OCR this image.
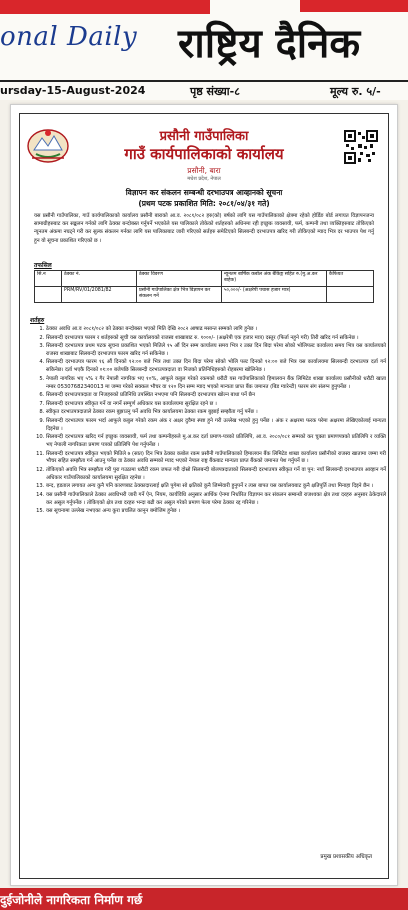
onal Daily राष्ट्रिय दैनिक
ursday-15-August-2024	पृष्ठ संख्या-८	मूल्य रु. ५/-
प्रसौनी गाउँपालिका
गाउँ कार्यपालिकाको कार्यालय
प्रसौनी, बारा
मधेश प्रदेश, नेपाल
विज्ञापन कर संकलन सम्बन्धी दरभाउपत्र आव्हानको सूचना
(प्रथम पटक प्रकाशित मिति: २०८१/०४/३१ गते)

यस प्रसौनी गाउँपालिका, गाउँ कार्यपालिकाको कार्यालय प्रसौनी बाराको आ.व. २०८१/०८२ हरु(को) बर्षको लागि यस गाउँपालिकाको क्षेत्रमा रहेको होर्डिङ बोर्ड लगायत विज्ञापनजन्य सामाग्रीहरुबाट कर सङ्कलन गर्नको लागि ठेक्का बन्दोबस्त गर्नुपर्ने भएकोले यस पालिकाले तोकेको शर्तहरुको अधिनमा रही इच्छुक व्यवसायी, फर्म, कम्पनी तथा व्यक्तिहरुबाट तोकिएको न्यूनतम अंकमा नघट्ने गरी कर सुल्क संकलन गर्नका लागि यस पालिकाबाट जारी गरिएको सर्तहरु समेटिएको सिलबन्दी दरभाउपत्र खरिद गरी तोकिएको म्याद भित्र दर भाउपत्र पेश गर्नु हुन यो सूचना प्रकाशित गरिएको छ ।

तफसिल
सि.न	ठेक्का नं.	ठेक्का विवरण	न्युनतम बार्षिक कबोल अंक बैकिङ्ग सहित रु.(मु.अ.कर बाहेक)	कैफियत
	PRM/RV/01/2081/82	प्रसौनी गाउँपालिका क्षेत्र भित्र विज्ञापन कर संकलन गर्ने	५०,०००/- (अक्षरेपी पचास हजार मात्र)	
शर्तहरु
1. ठेक्का अवधि आ.व २०८१/०८२ को ठेक्का बन्दोबस्त भएको मिति देखि २०८२ आषाढ मसान्त सम्मको लागि हुनेछ ।
2. सिलबन्दी दरभाउपत्र फारम र शर्तहरुको सूची यस कार्यालयको राजस्व शाखाबाट रु. १०००/- (अक्षरेपी एक हजार मात्र) दस्तुर (फिर्ता नहुने गरी) तिरी खरिद गर्न सकिनेछ ।
3. सिलबन्दी दरभाउपत्र प्रथम पटक सूचना प्रकाशित भएको मितिले १५ औं दिन सम्म कार्यालय समय भित्र र उक्त दिन बिदा परेमा सोको भोलिपल्ट कार्यालय समय भित्र यस कार्यालयको राजस्व शाखाबाट सिलबन्दी दरभाउपत्र फारम खरिद गर्न सकिनेछ ।
4. सिलबन्दी दरभाउपत्र फारम १६ औं दिनको १२:०० बजे भित्र तथा उक्त दिन बिदा परेमा सोको भोलि पल्ट दिनको १२:०० बजे भित्र यस कार्यालयमा सिलबन्दी दरभाउपत्र दर्ता गर्न सकिनेछ। दर्ता भएकै दिनको ०१:०० बजेपछि सिलबन्दी दरभाउपत्रदाता वा निजको प्रतिनिधिहरुको रोहबरमा खोलिनेछ ।
5. नेपाली नागरिक भए ५% र गैर नेपाली नागरिक भए १०%, आफूले कबुल गरेको रकमको धरौटी यस गाउँपालिकाको हिमालयन बैंक लिमिटेड शाखा कार्यालय प्रसौनीको धरौटी खाता नम्बर 05307682340013 मा जम्मा गरेको सक्कल भौचर वा १२० दिन सम्म म्याद भएको मान्यता प्राप्त बैंक जमानत (बिड ग्यारेन्टी) फारम संग संलग्न हुनुपर्नेछ ।
6. सिलबन्दी दरभाउपत्रदाता वा निजहरुको प्रतिनिधि उपस्थित नभएमा पनि सिलबन्दी दरभाउपत्र खोल्न बाधा पर्ने छैन
7. सिलबन्दी दरभाउपत्र स्वीकृत गर्ने वा नगर्ने सम्पूर्ण अधिकार यस कार्यालयमा सुरक्षित रहने छ ।
8. स्वीकृत दरभाउपत्रदाताले ठेक्का रकम बुझाउनु पर्ने अवधि भित्र कार्यालयमा ठेक्का रकम बुझाई सम्झौता गर्नु पर्नेछ ।
9. सिलबन्दी दरभाउपत्र फारम भर्दा आफूले कबुल गरेको रकम अंक र अक्षर दुवैमा स्पष्ट हुने गरी उल्लेख भएको हुनु पर्नेछ । अंक र अक्षरमा फरक परेमा अक्षरमा लेखिएकोलाई मान्यता दिइनेछ ।
10. सिलबन्दी दरभाउपत्र खरिद गर्न इच्छुक व्यवसायी, फर्म तथा कम्पनीहरुले मु.अ.कर दर्ता प्रमाण-पत्रको प्रतिलिपि, आ.व. २०८०/०८१ सम्मको कर चुक्ता प्रमाणपत्रको प्रतिलिपि र व्यक्ति भए नेपाली नागरिकता प्रमाण पत्रको प्रतिलिपि पेश गर्नुपर्नेछ ।
11. सिलबन्दी दरभाउपत्र स्वीकृत भएको मितिले ७ (सात) दिन भित्र ठेक्का कबोल रकम प्रसौनी गाउँपालिकाको हिमालयन बैंक लिमिटेड शाखा कार्यालय प्रसौनीको राजस्व खातामा जम्मा गरी भौचर सहित सम्झौता गर्न आउनु पर्नेछ वा ठेक्का अवधि सम्मको म्याद भएको नेपाल राष्ट्र बैंकबाट मान्यता प्राप्त बैंकको जमानत पेश गर्नुपर्ने छ ।
12. तोकिएको अवधि भित्र सम्झौता गरी पुरा गउठामा धरौटी रकम जफत गरी दोस्रो सिलबन्दी बोलपत्रदाताको सिलबन्दी दरभाउपत्र स्वीकृत गर्ने वा पुन: नयाँ सिलबन्दी दरभाउपत्र आव्हान गर्ने अधिकार गाउँपालिकाको कार्यालयमा सुरक्षित रहनेछ ।
13. बन्द, हडताल लगायत अन्य कुनै पनि कारणबाट ठेक्कादारलाई क्षति पुगेमा सो क्षतिको कुनै जिम्मेवारी हुनुपर्ने र त्यस बापत यस कार्यालयबाट कुनै क्षतिपूर्ति तथा मिनाहा दिइने छैन ।
14. यस प्रसौनी गाउँपालिकाले ठेक्का अवधिभरी जारी गर्ने ऐन, नियम, कार्यविधि अनुसार आर्थिक ऐनमा निर्धारित विज्ञापन कर संकलन सम्बन्धी राजश्वका क्षेत्र तथा दरहरु अनुसार ठेकेदारले कर असुल गर्नुपर्नेछ । तोकिएको क्षेत्र तथा दरहरु भन्दा बढी कर असुल गरेको प्रमाण फेला परेमा ठेक्का रद्द गरिनेछ ।
15. यस सूचनामा उल्लेख नभएका अन्य कुरा प्रचलित कानून बमोजिम हुनेछ ।
प्रमुख प्रशासकीय अधिकृत
दुईजोनीले नागरिकता निर्माण गर्छ
